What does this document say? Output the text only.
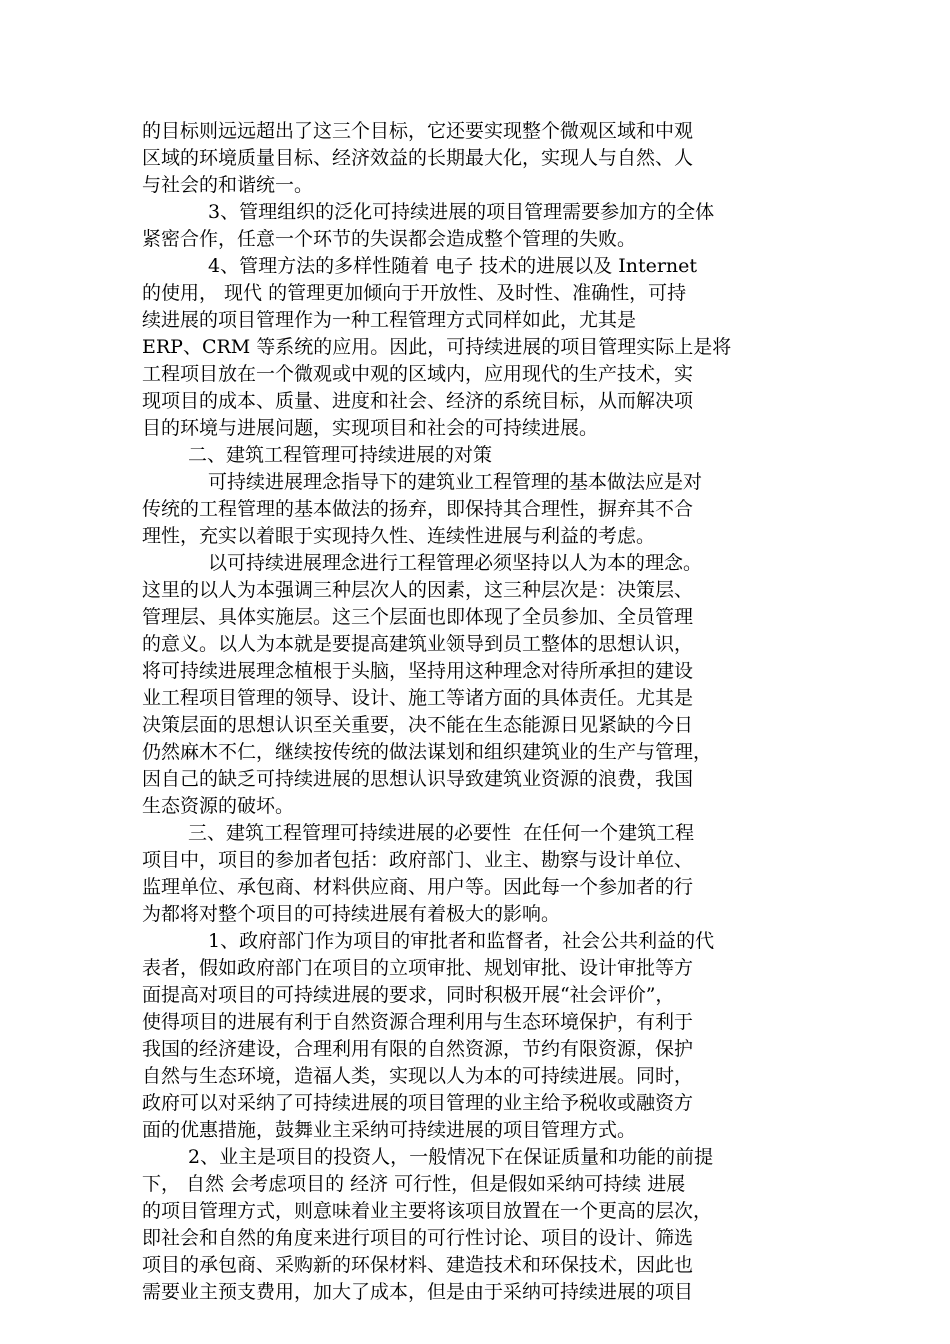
的目标则远远超出了这三个目标，它还要实现整个微观区域和中观
区域的环境质量目标、经济效益的长期最大化，实现人与自然、人
与社会的和谐统一。
3、管理组织的泛化可持续进展的项目管理需要参加方的全体
紧密合作，任意一个环节的失误都会造成整个管理的失败。
4、管理方法的多样性随着 电子 技术的进展以及 Internet
的使用， 现代 的管理更加倾向于开放性、及时性、准确性，可持
续进展的项目管理作为一种工程管理方式同样如此，尤其是
ERP、CRM 等系统的应用。因此，可持续进展的项目管理实际上是将
工程项目放在一个微观或中观的区域内，应用现代的生产技术，实
现项目的成本、质量、进度和社会、经济的系统目标，从而解决项
目的环境与进展问题，实现项目和社会的可持续进展。
二、建筑工程管理可持续进展的对策
可持续进展理念指导下的建筑业工程管理的基本做法应是对
传统的工程管理的基本做法的扬弃，即保持其合理性，摒弃其不合
理性，充实以着眼于实现持久性、连续性进展与利益的考虑。
以可持续进展理念进行工程管理必须坚持以人为本的理念。
这里的以人为本强调三种层次人的因素，这三种层次是：决策层、
管理层、具体实施层。这三个层面也即体现了全员参加、全员管理
的意义。以人为本就是要提高建筑业领导到员工整体的思想认识，
将可持续进展理念植根于头脑，坚持用这种理念对待所承担的建设
业工程项目管理的领导、设计、施工等诸方面的具体责任。尤其是
决策层面的思想认识至关重要，决不能在生态能源日见紧缺的今日
仍然麻木不仁，继续按传统的做法谋划和组织建筑业的生产与管理，
因自己的缺乏可持续进展的思想认识导致建筑业资源的浪费，我国
生态资源的破坏。
三、建筑工程管理可持续进展的必要性  在任何一个建筑工程
项目中，项目的参加者包括：政府部门、业主、勘察与设计单位、
监理单位、承包商、材料供应商、用户等。因此每一个参加者的行
为都将对整个项目的可持续进展有着极大的影响。
1、政府部门作为项目的审批者和监督者，社会公共利益的代
表者，假如政府部门在项目的立项审批、规划审批、设计审批等方
面提高对项目的可持续进展的要求，同时积极开展“社会评价”，
使得项目的进展有利于自然资源合理利用与生态环境保护，有利于
我国的经济建设，合理利用有限的自然资源，节约有限资源，保护
自然与生态环境，造福人类，实现以人为本的可持续进展。同时，
政府可以对采纳了可持续进展的项目管理的业主给予税收或融资方
面的优惠措施，鼓舞业主采纳可持续进展的项目管理方式。
2、业主是项目的投资人，一般情况下在保证质量和功能的前提
下， 自然 会考虑项目的 经济 可行性，但是假如采纳可持续 进展
的项目管理方式，则意味着业主要将该项目放置在一个更高的层次，
即社会和自然的角度来进行项目的可行性讨论、项目的设计、筛选
项目的承包商、采购新的环保材料、建造技术和环保技术，因此也
需要业主预支费用，加大了成本，但是由于采纳可持续进展的项目
